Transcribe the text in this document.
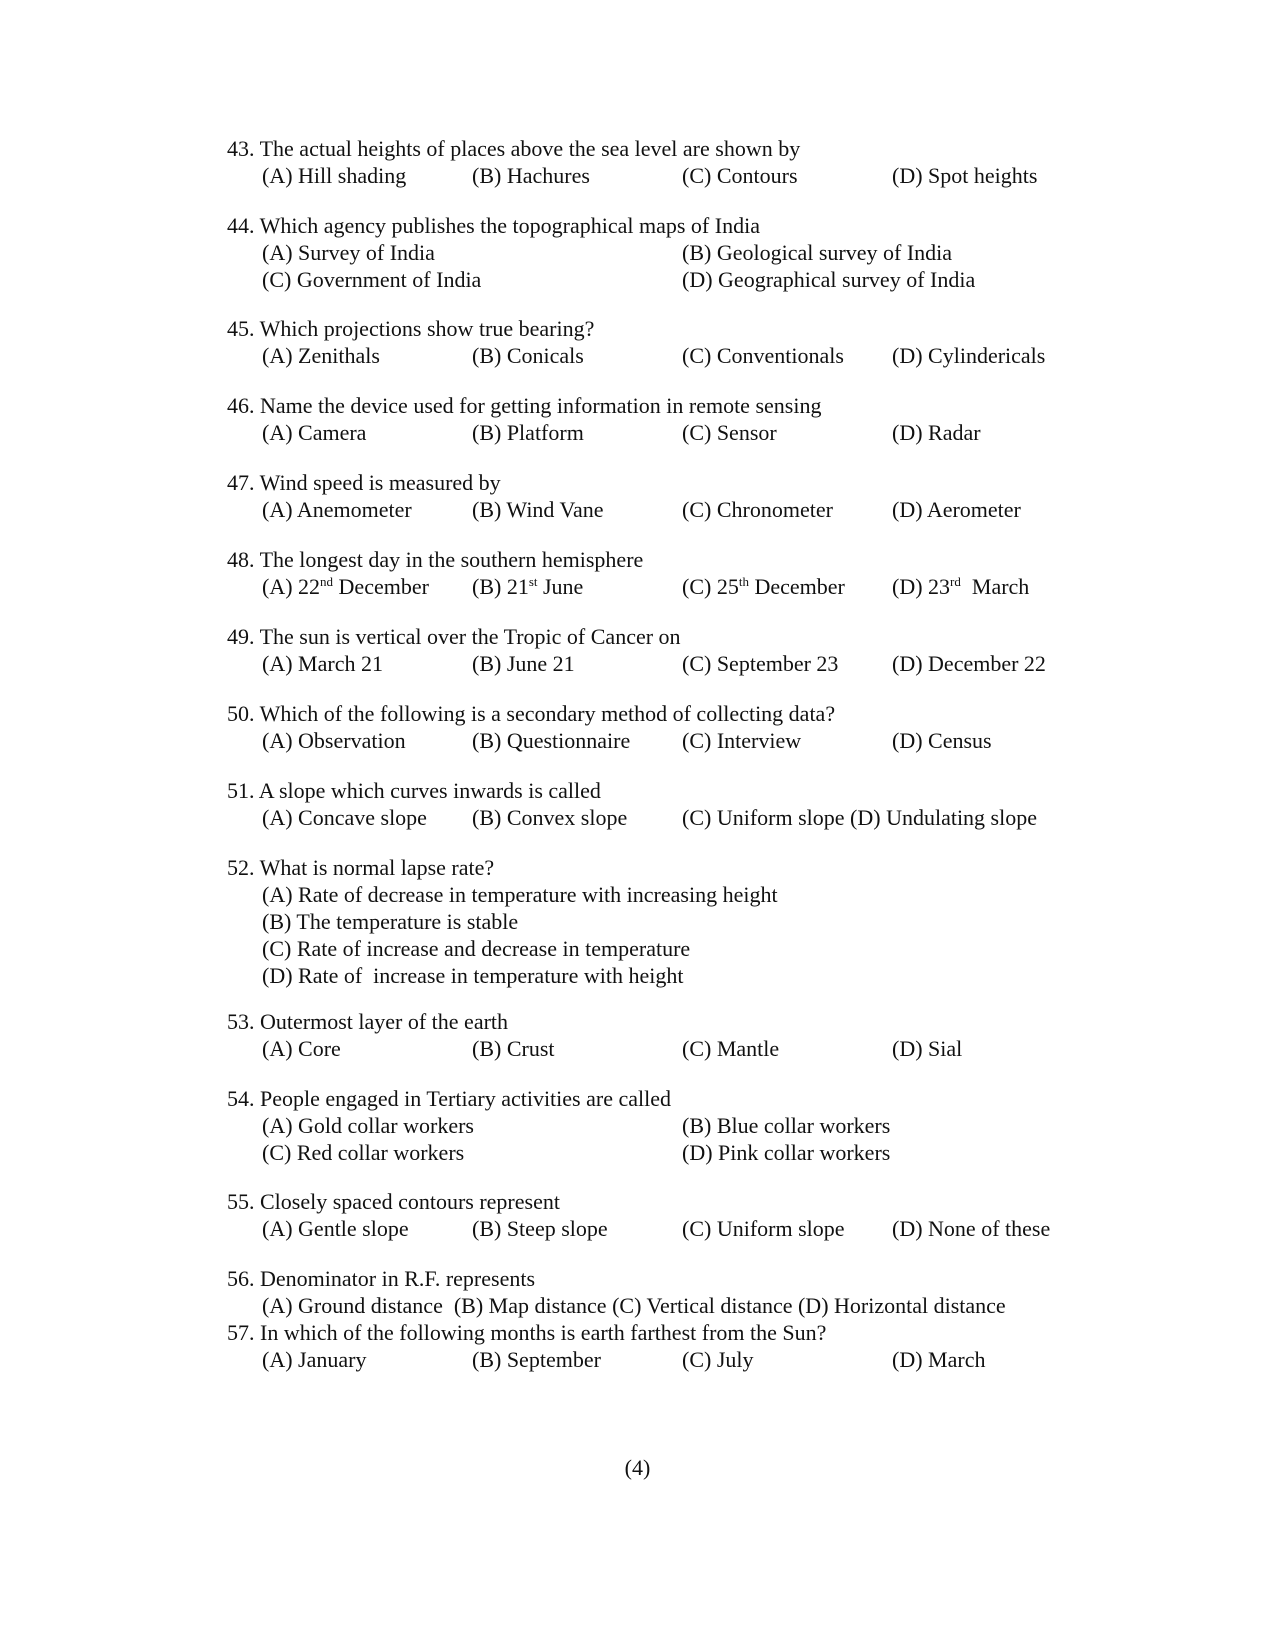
43. The actual heights of places above the sea level are shown by
(A) Hill shading	(B) Hachures	(C) Contours	(D) Spot heights
44. Which agency publishes the topographical maps of India
(A) Survey of India	(B) Geological survey of India
(C) Government of India	(D) Geographical survey of India
45. Which projections show true bearing?
(A) Zenithals	(B) Conicals	(C) Conventionals (D) Cylindericals
46. Name the device used for getting information in remote sensing
(A) Camera	(B) Platform	(C) Sensor	(D) Radar
47. Wind speed is measured by
(A) Anemometer	(B) Wind Vane	(C) Chronometer	(D) Aerometer
48. The longest day in the southern hemisphere
(A) 22nd December (B) 21st June	(C) 25th December (D) 23rd  March
49. The sun is vertical over the Tropic of Cancer on
(A) March 21	(B) June 21	(C) September 23 (D) December 22
50. Which of the following is a secondary method of collecting data?
(A) Observation	(B) Questionnaire (C) Interview	(D) Census
51. A slope which curves inwards is called
(A) Concave slope (B) Convex slope (C) Uniform slope (D) Undulating slope
52. What is normal lapse rate?
(A) Rate of decrease in temperature with increasing height
(B) The temperature is stable
(C) Rate of increase and decrease in temperature
(D) Rate of  increase in temperature with height
53. Outermost layer of the earth
(A) Core	(B) Crust	(C) Mantle	(D) Sial
54. People engaged in Tertiary activities are called
(A) Gold collar workers	(B) Blue collar workers
(C) Red collar workers	(D) Pink collar workers
55. Closely spaced contours represent
(A) Gentle slope	(B) Steep slope	(C) Uniform slope (D) None of these
56. Denominator in R.F. represents
(A) Ground distance  (B) Map distance (C) Vertical distance (D) Horizontal distance
57. In which of the following months is earth farthest from the Sun?
(A) January	(B) September	(C) July	(D) March
(4)
